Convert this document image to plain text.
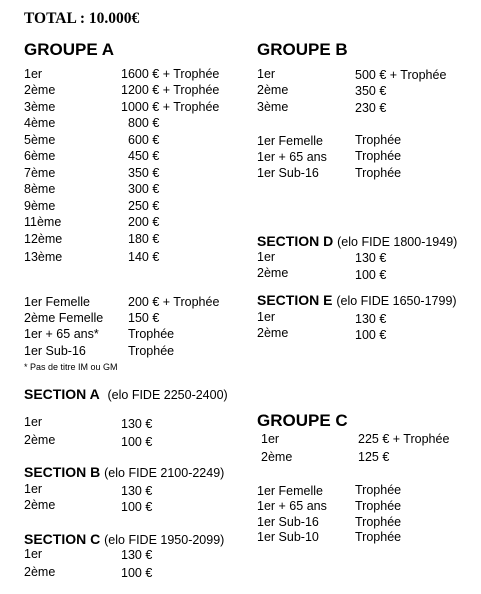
TOTAL : 10.000€
GROUPE A
1er	1600 € + Trophée
2ème	1200 € + Trophée
3ème	1000 € + Trophée
4ème	800 €
5ème	600 €
6ème	450 €
7ème	350 €
8ème	300 €
9ème	250 €
11ème	200 €
12ème	180 €
13ème	140 €
1er Femelle	200 € + Trophée
2ème Femelle 150 €
1er + 65 ans* Trophée
1er Sub-16	Trophée
* Pas de titre IM ou GM
SECTION A (elo FIDE 2250-2400)
1er	130 €
2ème	100 €
SECTION B (elo FIDE 2100-2249)
1er	130 €
2ème	100 €
SECTION C (elo FIDE 1950-2099)
1er	130 €
2ème	100 €
GROUPE B
1er	500 € + Trophée
2ème	350 €
3ème	230 €
1er Femelle	Trophée
1er + 65 ans Trophée
1er Sub-16	Trophée
SECTION D (elo FIDE 1800-1949)
1er	130 €
2ème	100 €
SECTION E (elo FIDE 1650-1799)
1er	130 €
2ème	100 €
GROUPE C
1er	225 € + Trophée
2ème	125 €
1er Femelle	Trophée
1er + 65 ans Trophée
1er Sub-16	Trophée
1er Sub-10	Trophée
